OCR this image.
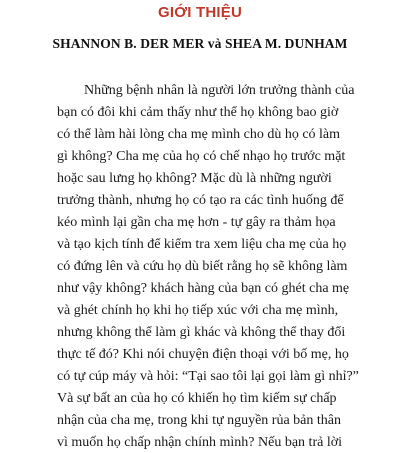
GIỚI THIỆU
SHANNON B. DER MER và SHEA M. DUNHAM
Những bệnh nhân là người lớn trưởng thành của
bạn có đôi khi cảm thấy như thể họ không bao giờ
có thể làm hài lòng cha mẹ mình cho dù họ có làm
gì không? Cha mẹ của họ có chế nhạo họ trước mặt
hoặc sau lưng họ không? Mặc dù là những người
trưởng thành, nhưng họ có tạo ra các tình huống để
kéo mình lại gần cha mẹ hơn - tự gây ra thảm họa
và tạo kịch tính để kiểm tra xem liệu cha mẹ của họ
có đứng lên và cứu họ dù biết rằng họ sẽ không làm
như vậy không? khách hàng của bạn có ghét cha mẹ
và ghét chính họ khi họ tiếp xúc với cha mẹ mình,
nhưng không thể làm gì khác và không thể thay đổi
thực tế đó? Khi nói chuyện điện thoại với bố mẹ, họ
có tự cúp máy và hỏi: “Tại sao tôi lại gọi làm gì nhỉ?”
Và sự bất an của họ có khiến họ tìm kiếm sự chấp
nhận của cha mẹ, trong khi tự nguyền rủa bản thân
vì muốn họ chấp nhận chính mình? Nếu bạn trả lời
